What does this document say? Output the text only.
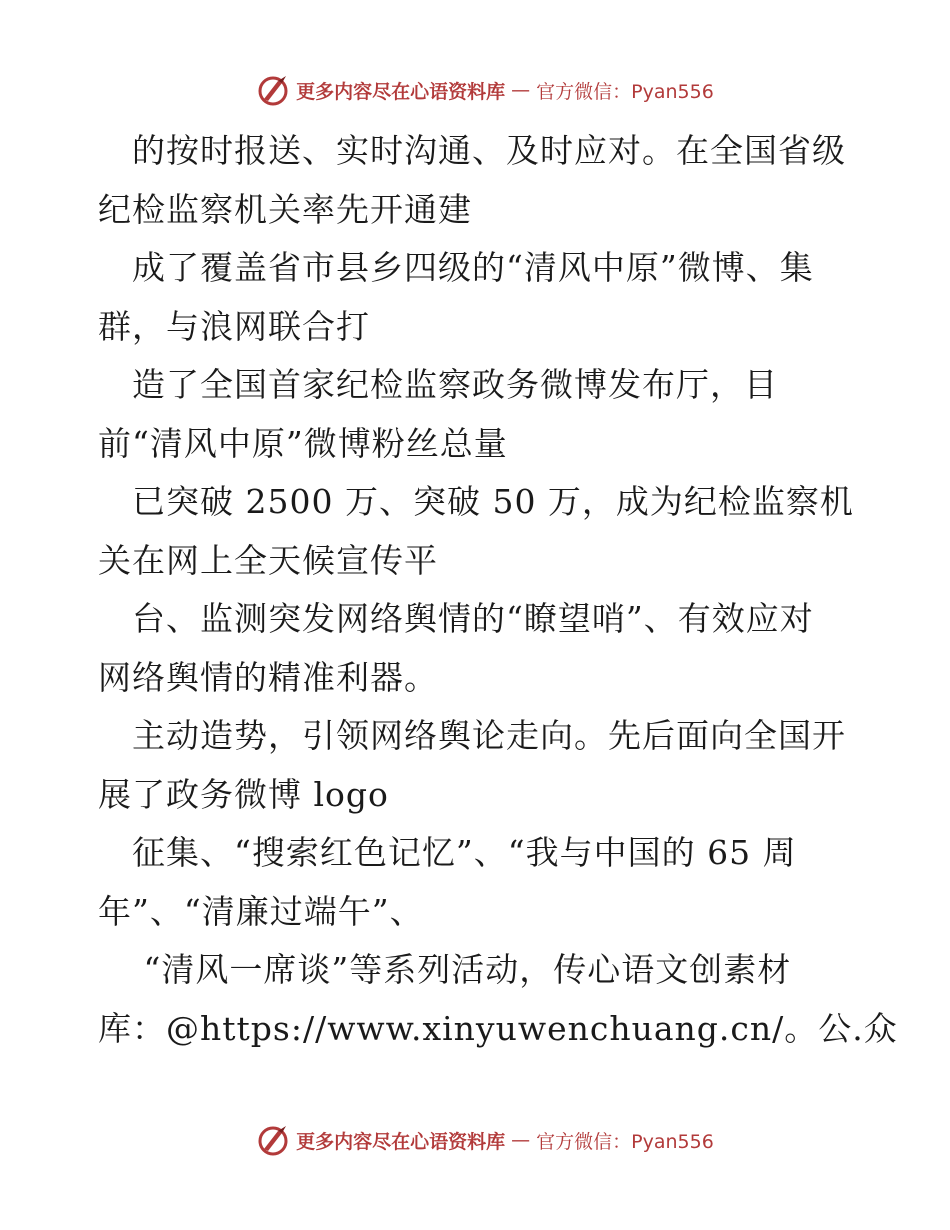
更多内容尽在心语资料库 — 官方微信：Pyan556
　的按时报送、实时沟通、及时应对。在全国省级
纪检监察机关率先开通建
　成了覆盖省市县乡四级的“清风中原”微博、集
群，与浪网联合打
　造了全国首家纪检监察政务微博发布厅，目
前“清风中原”微博粉丝总量
　已突破 2500 万、突破 50 万，成为纪检监察机
关在网上全天候宣传平
　台、监测突发网络舆情的“瞭望哨”、有效应对
网络舆情的精准利器。
　主动造势，引领网络舆论走向。先后面向全国开
展了政务微博 logo
　征集、“搜索红色记忆”、“我与中国的 65 周
年”、“清廉过端午”、
　 “清风一席谈”等系列活动，传心语文创素材
库：@https://www.xinyuwenchuang.cn/。公.众
更多内容尽在心语资料库 — 官方微信：Pyan556
